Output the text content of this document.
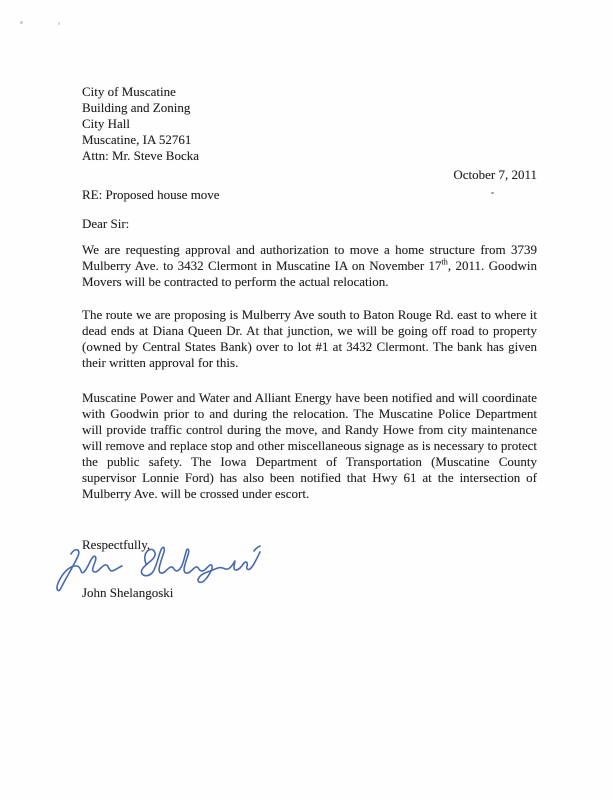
City of Muscatine
Building and Zoning
City Hall
Muscatine, IA 52761
Attn: Mr. Steve Bocka
October 7, 2011
RE: Proposed house move
Dear Sir:

We are requesting approval and authorization to move a home structure from 3739 Mulberry Ave. to 3432 Clermont in Muscatine IA on November 17th, 2011. Goodwin Movers will be contracted to perform the actual relocation.

The route we are proposing is Mulberry Ave south to Baton Rouge Rd. east to where it dead ends at Diana Queen Dr. At that junction, we will be going off road to property (owned by Central States Bank) over to lot #1 at 3432 Clermont. The bank has given their written approval for this.

Muscatine Power and Water and Alliant Energy have been notified and will coordinate with Goodwin prior to and during the relocation. The Muscatine Police Department will provide traffic control during the move, and Randy Howe from city maintenance will remove and replace stop and other miscellaneous signage as is necessary to protect the public safety. The Iowa Department of Transportation (Muscatine County supervisor Lonnie Ford) has also been notified that Hwy 61 at the intersection of Mulberry Ave. will be crossed under escort.

Respectfully,
John Shelangoski
